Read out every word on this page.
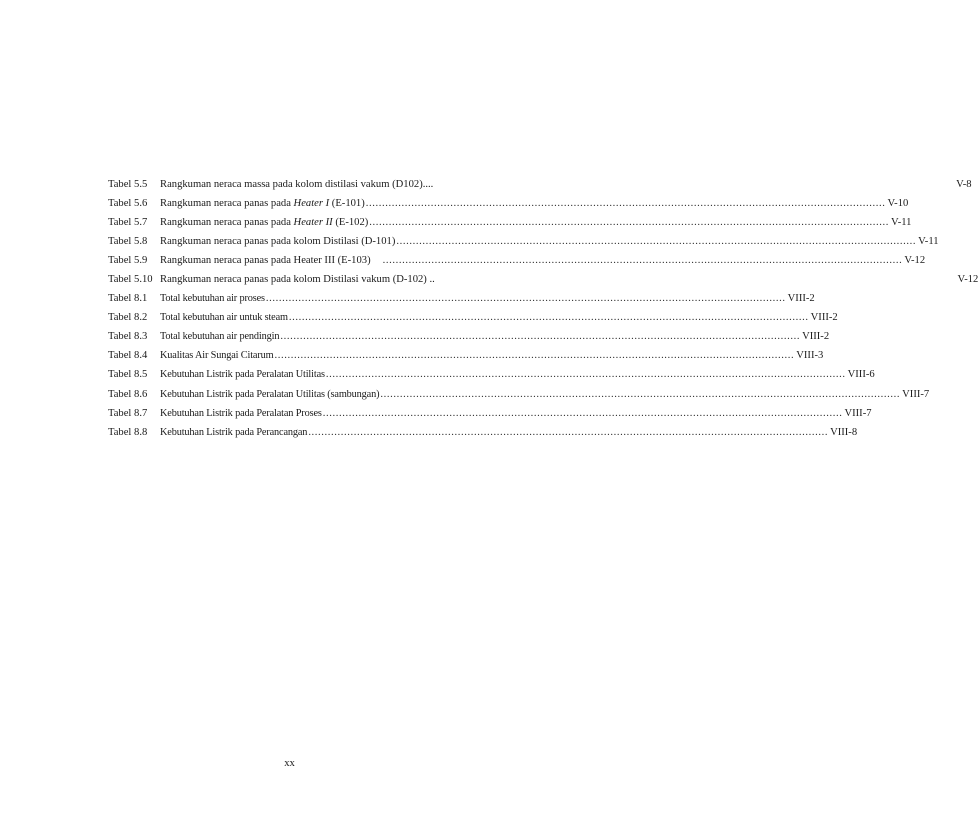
Tabel 5.5	Rangkuman neraca massa pada kolom distilasi vakum (D102)....	V-8
Tabel 5.6	Rangkuman neraca panas pada Heater I (E-101) .....	V-10
Tabel 5.7	Rangkuman neraca panas pada Heater II (E-102) .....	V-11
Tabel 5.8	Rangkuman neraca panas pada kolom Distilasi (D-101) .....	V-11
Tabel 5.9	Rangkuman neraca panas pada Heater III (E-103) .....	V-12
Tabel 5.10 Rangkuman neraca panas pada kolom Distilasi vakum (D-102) ..	V-12
Tabel 8.1	Total kebutuhan air proses .....	VIII-2
Tabel 8.2	Total kebutuhan air untuk steam .....	VIII-2
Tabel 8.3	Total kebutuhan air pendingin .....	VIII-2
Tabel 8.4	Kualitas Air Sungai Citarum .....	VIII-3
Tabel 8.5	Kebutuhan Listrik pada Peralatan Utilitas .....	VIII-6
Tabel 8.6	Kebutuhan Listrik pada Peralatan Utilitas (sambungan) .....	VIII-7
Tabel 8.7	Kebutuhan Listrik pada Peralatan Proses .....	VIII-7
Tabel 8.8	Kebutuhan Listrik pada Perancangan .....	VIII-8
xx
